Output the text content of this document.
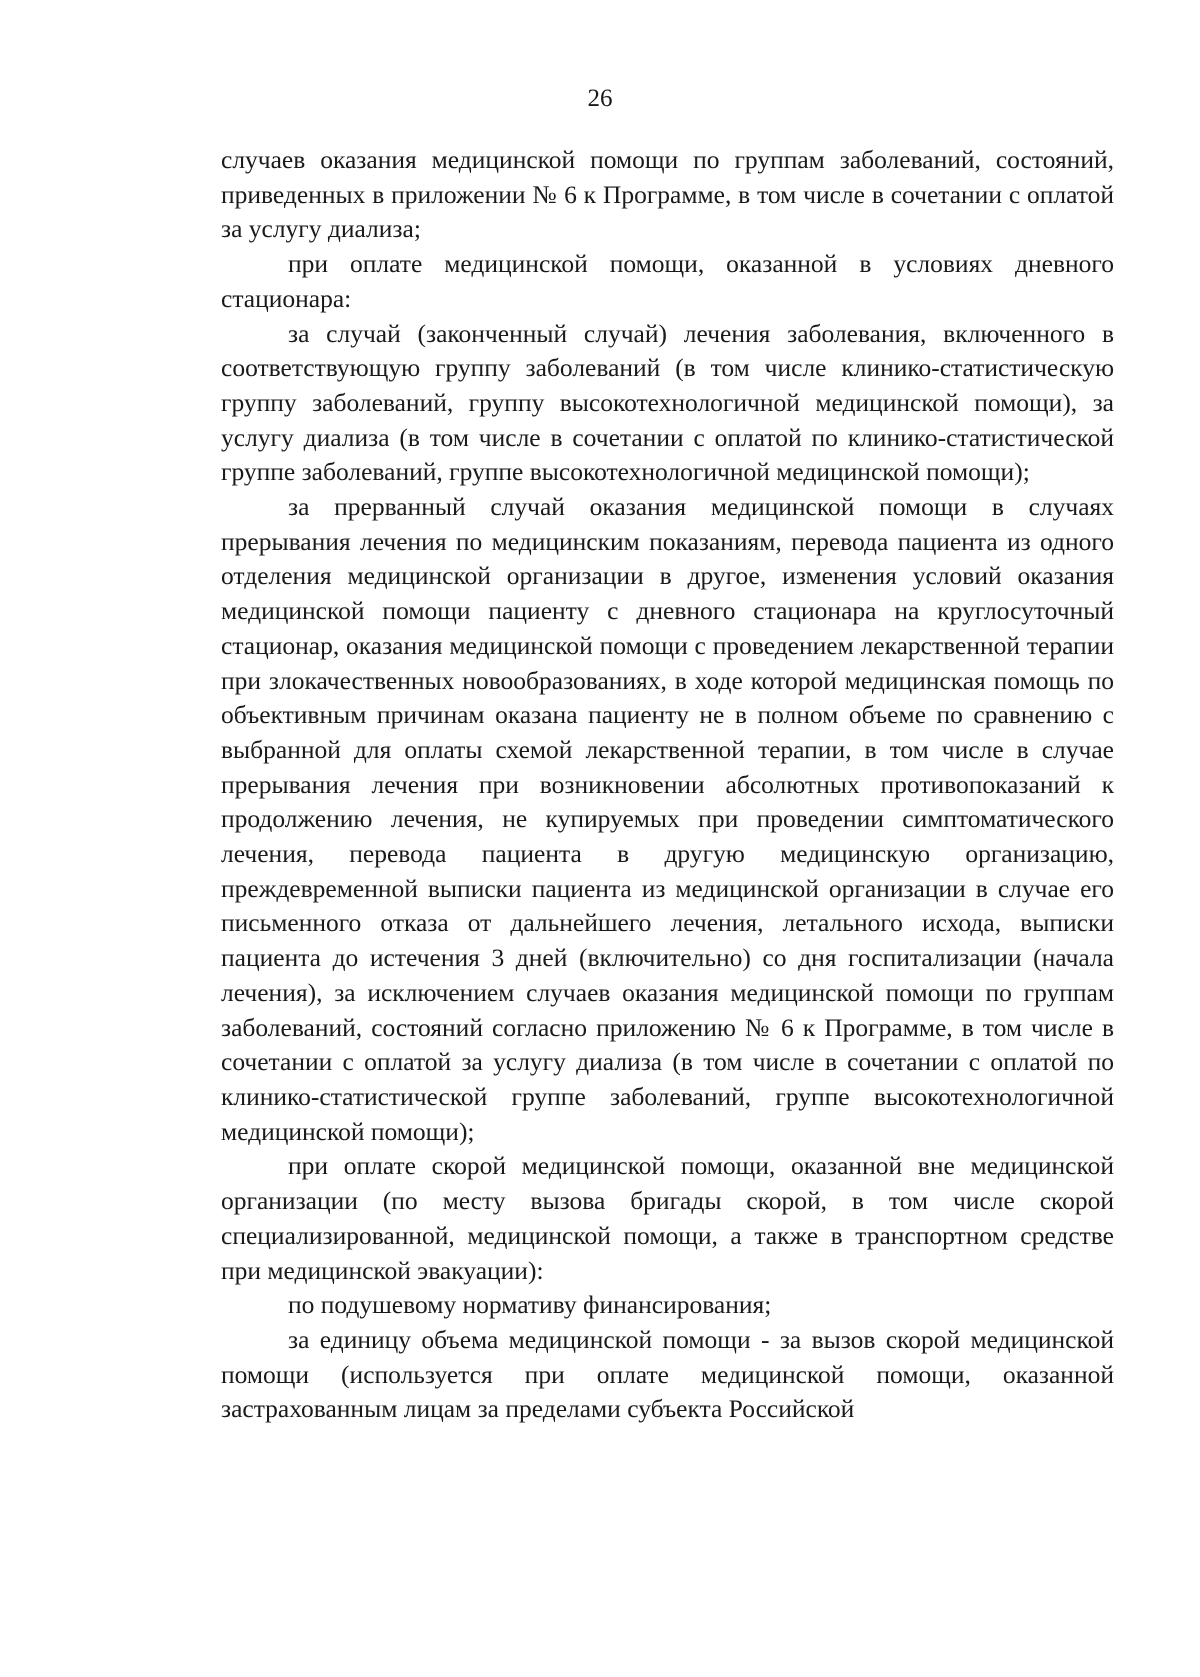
26

случаев оказания медицинской помощи по группам заболеваний, состояний, приведенных в приложении № 6 к Программе, в том числе в сочетании с оплатой за услугу диализа;

при оплате медицинской помощи, оказанной в условиях дневного стационара:

за случай (законченный случай) лечения заболевания, включенного в соответствующую группу заболеваний (в том числе клинико-статистическую группу заболеваний, группу высокотехнологичной медицинской помощи), за услугу диализа (в том числе в сочетании с оплатой по клинико-статистической группе заболеваний, группе высокотехнологичной медицинской помощи);

за прерванный случай оказания медицинской помощи в случаях прерывания лечения по медицинским показаниям, перевода пациента из одного отделения медицинской организации в другое, изменения условий оказания медицинской помощи пациенту с дневного стационара на круглосуточный стационар, оказания медицинской помощи с проведением лекарственной терапии при злокачественных новообразованиях, в ходе которой медицинская помощь по объективным причинам оказана пациенту не в полном объеме по сравнению с выбранной для оплаты схемой лекарственной терапии, в том числе в случае прерывания лечения при возникновении абсолютных противопоказаний к продолжению лечения, не купируемых при проведении симптоматического лечения, перевода пациента в другую медицинскую организацию, преждевременной выписки пациента из медицинской организации в случае его письменного отказа от дальнейшего лечения, летального исхода, выписки пациента до истечения 3 дней (включительно) со дня госпитализации (начала лечения), за исключением случаев оказания медицинской помощи по группам заболеваний, состояний согласно приложению № 6 к Программе, в том числе в сочетании с оплатой за услугу диализа (в том числе в сочетании с оплатой по клинико-статистической группе заболеваний, группе высокотехнологичной медицинской помощи);

при оплате скорой медицинской помощи, оказанной вне медицинской организации (по месту вызова бригады скорой, в том числе скорой специализированной, медицинской помощи, а также в транспортном средстве при медицинской эвакуации):

по подушевому нормативу финансирования;

за единицу объема медицинской помощи - за вызов скорой медицинской помощи (используется при оплате медицинской помощи, оказанной застрахованным лицам за пределами субъекта Российской
